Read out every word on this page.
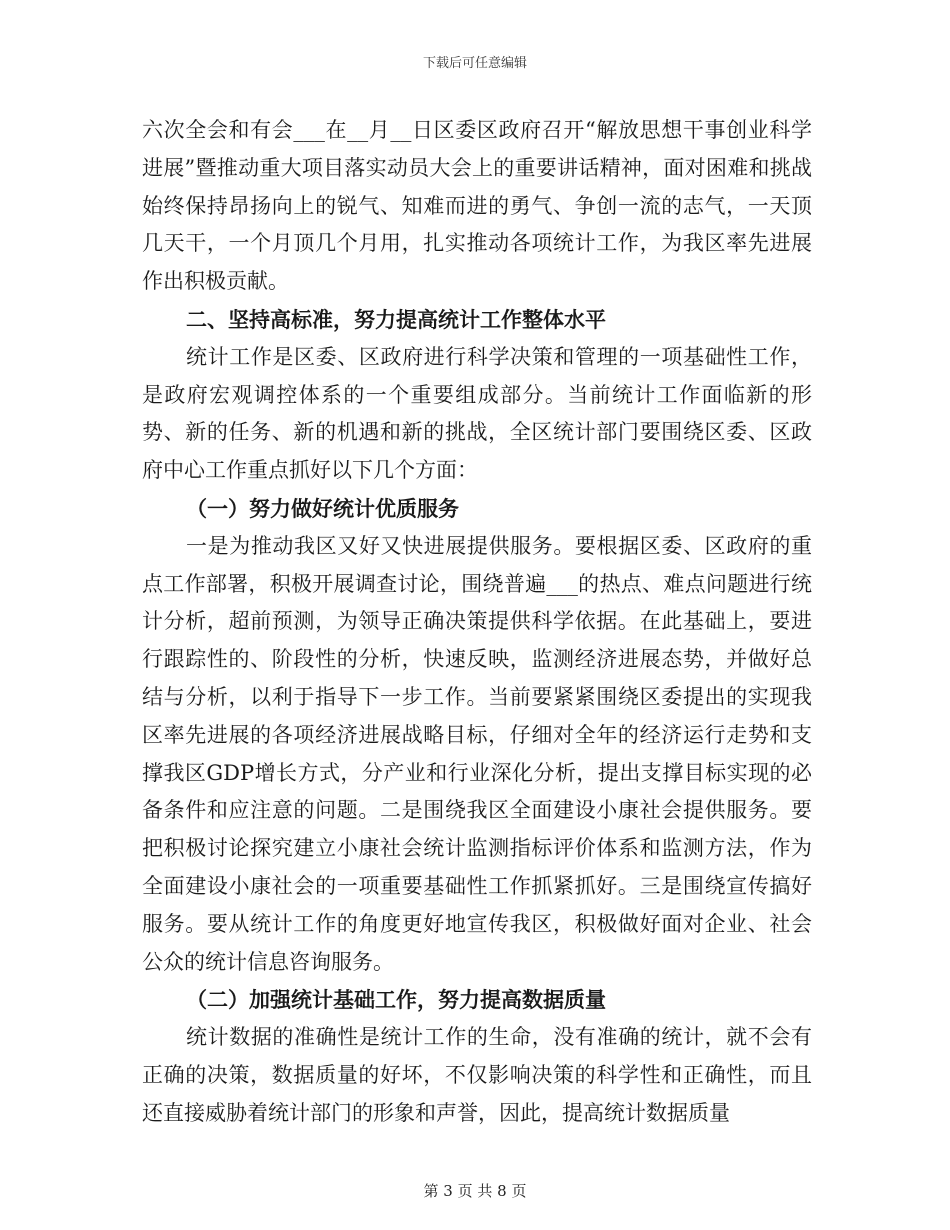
下载后可任意编辑

六次全会和有会___在__月__日区委区政府召开“解放思想干事创业科学进展”暨推动重大项目落实动员大会上的重要讲话精神，面对困难和挑战始终保持昂扬向上的锐气、知难而进的勇气、争创一流的志气，一天顶几天干，一个月顶几个月用，扎实推动各项统计工作，为我区率先进展作出积极贡献。

二、坚持高标准，努力提高统计工作整体水平

统计工作是区委、区政府进行科学决策和管理的一项基础性工作，是政府宏观调控体系的一个重要组成部分。当前统计工作面临新的形势、新的任务、新的机遇和新的挑战，全区统计部门要围绕区委、区政府中心工作重点抓好以下几个方面：

（一）努力做好统计优质服务

一是为推动我区又好又快进展提供服务。要根据区委、区政府的重点工作部署，积极开展调查讨论，围绕普遍___的热点、难点问题进行统计分析，超前预测，为领导正确决策提供科学依据。在此基础上，要进行跟踪性的、阶段性的分析，快速反映，监测经济进展态势，并做好总结与分析，以利于指导下一步工作。当前要紧紧围绕区委提出的实现我区率先进展的各项经济进展战略目标，仔细对全年的经济运行走势和支撑我区GDP增长方式，分产业和行业深化分析，提出支撑目标实现的必备条件和应注意的问题。二是围绕我区全面建设小康社会提供服务。要把积极讨论探究建立小康社会统计监测指标评价体系和监测方法，作为全面建设小康社会的一项重要基础性工作抓紧抓好。三是围绕宣传搞好服务。要从统计工作的角度更好地宣传我区，积极做好面对企业、社会公众的统计信息咨询服务。

（二）加强统计基础工作，努力提高数据质量

统计数据的准确性是统计工作的生命，没有准确的统计，就不会有正确的决策，数据质量的好坏，不仅影响决策的科学性和正确性，而且还直接威胁着统计部门的形象和声誉，因此，提高统计数据质量

第 3 页 共 8 页
